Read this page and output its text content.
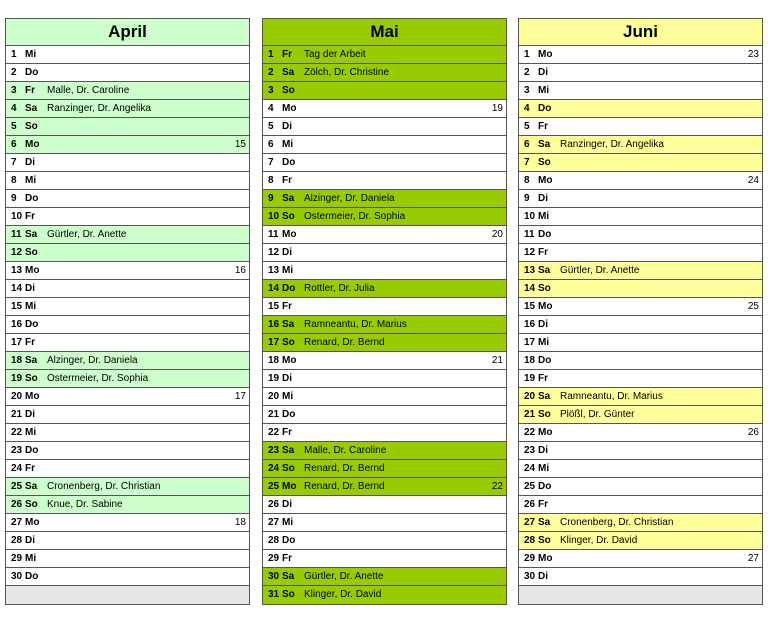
April
1 Mi
2 Do
3 Fr Malle, Dr. Caroline
4 Sa Ranzinger, Dr. Angelika
5 So
6 Mo	15
7 Di
8 Mi
9 Do
10 Fr
11 Sa Gürtler, Dr. Anette
12 So
13 Mo	16
14 Di
15 Mi
16 Do
17 Fr
18 Sa Alzinger, Dr. Daniela
19 So Ostermeier, Dr. Sophia
20 Mo	17
21 Di
22 Mi
23 Do
24 Fr
25 Sa Cronenberg, Dr. Christian
26 So Knue, Dr. Sabine
27 Mo	18
28 Di
29 Mi
30 Do
Mai
1 Fr Tag der Arbeit
2 Sa Zölch, Dr. Christine
3 So
4 Mo	19
5 Di
6 Mi
7 Do
8 Fr
9 Sa Alzinger, Dr. Daniela
10 So Ostermeier, Dr. Sophia
11 Mo	20
12 Di
13 Mi
14 Do Rottler, Dr. Julia
15 Fr
16 Sa Ramneantu, Dr. Marius
17 So Renard, Dr. Bernd
18 Mo	21
19 Di
20 Mi
21 Do
22 Fr
23 Sa Malle, Dr. Caroline
24 So Renard, Dr. Bernd
25 Mo Renard, Dr. Bernd	22
26 Di
27 Mi
28 Do
29 Fr
30 Sa Gürtler, Dr. Anette
31 So Klinger, Dr. David
Juni
1 Mo	23
2 Di
3 Mi
4 Do
5 Fr
6 Sa Ranzinger, Dr. Angelika
7 So
8 Mo	24
9 Di
10 Mi
11 Do
12 Fr
13 Sa Gürtler, Dr. Anette
14 So
15 Mo	25
16 Di
17 Mi
18 Do
19 Fr
20 Sa Ramneantu, Dr. Marius
21 So Plößl, Dr. Günter
22 Mo	26
23 Di
24 Mi
25 Do
26 Fr
27 Sa Cronenberg, Dr. Christian
28 So Klinger, Dr. David
29 Mo	27
30 Di
